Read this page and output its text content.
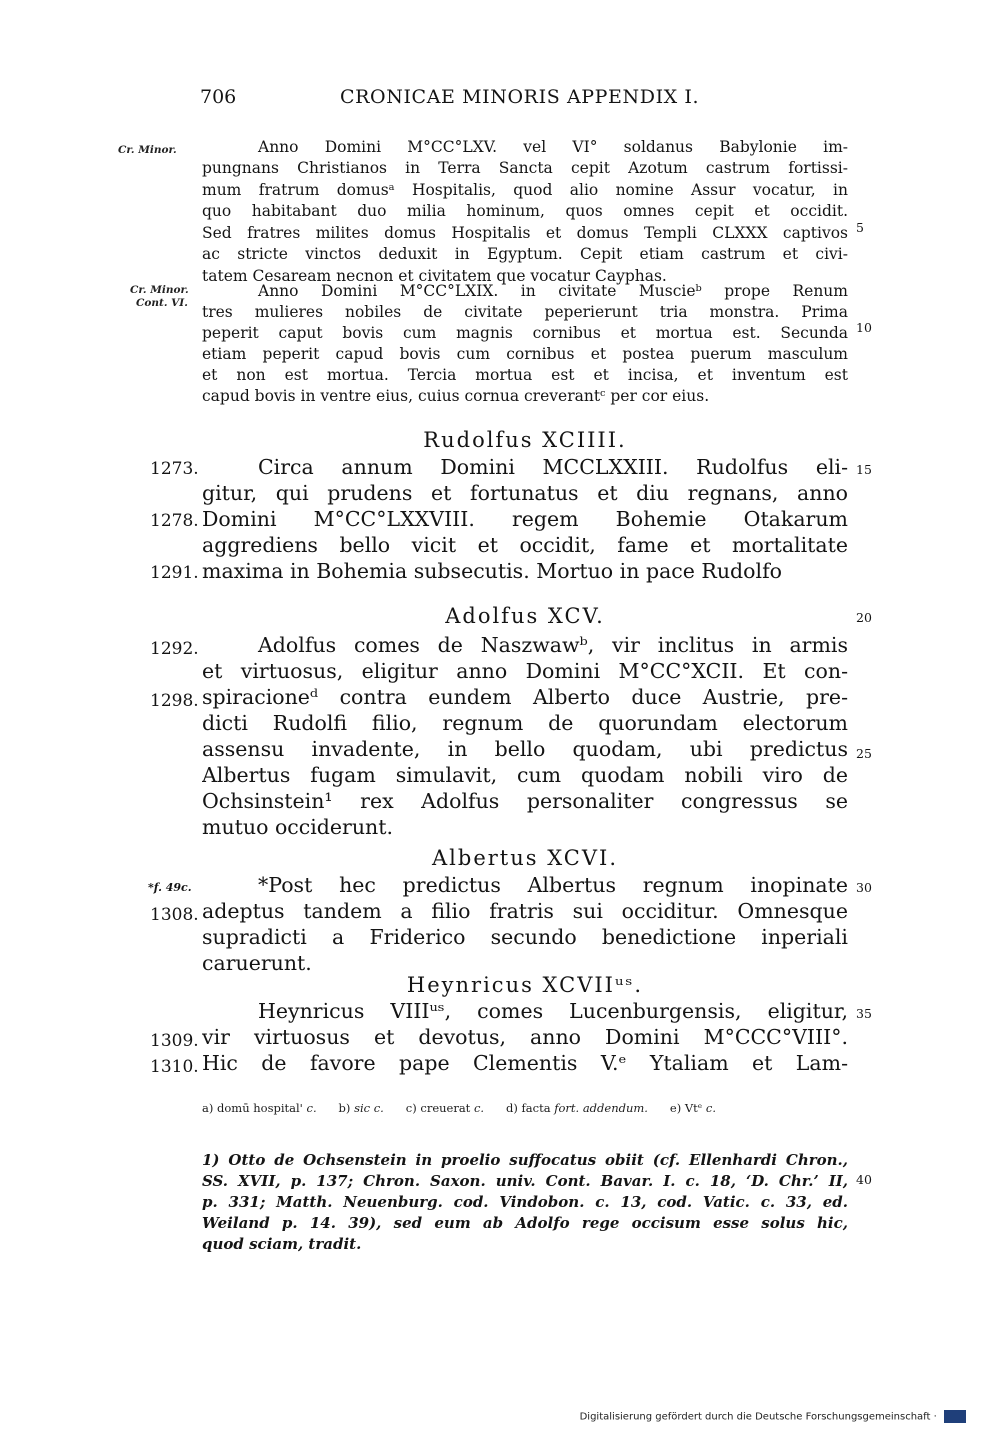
706	CRONICAE MINORIS APPENDIX I.
Cr. Minor.
Cr. Minor.
Cont. VI.
Anno Domini M°CC°LXV. vel VI° soldanus Babylonie im-
pungnans Christianos in Terra Sancta cepit Azotum castrum fortissi-
mum fratrum domusᵃ Hospitalis, quod alio nomine Assur vocatur, in
quo habitabant duo milia hominum, quos omnes cepit et occidit.
Sed fratres milites domus Hospitalis et domus Templi CLXXX captivos
ac stricte vinctos deduxit in Egyptum. Cepit etiam castrum et civi-
tatem Cesaream necnon et civitatem que vocatur Cayphas.
5
Anno Domini M°CC°LXIX. in civitate Muscieᵇ prope Renum
tres mulieres nobiles de civitate peperierunt tria monstra. Prima
peperit caput bovis cum magnis cornibus et mortua est. Secunda
etiam peperit capud bovis cum cornibus et postea puerum masculum
et non est mortua. Tercia mortua est et incisa, et inventum est
capud bovis in ventre eius, cuius cornua creverantᶜ per cor eius.
10
Rudolfus XCIIII.
Circa annum Domini MCCLXXIII. Rudolfus eli-
gitur, qui prudens et fortunatus et diu regnans, anno
Domini M°CC°LXXVIII. regem Bohemie Otakarum
aggrediens bello vicit et occidit, fame et mortalitate
maxima in Bohemia subsecutis. Mortuo in pace Rudolfo
1273.
1278.
1291.
15
Adolfus XCV.	20
Adolfus comes de Naszwawᵇ, vir inclitus in armis
et virtuosus, eligitur anno Domini M°CC°XCII. Et con-
spiracioneᵈ contra eundem Alberto duce Austrie, pre-
dicti Rudolfi filio, regnum de quorundam electorum
assensu invadente, in bello quodam, ubi predictus
Albertus fugam simulavit, cum quodam nobili viro de
Ochsinstein¹ rex Adolfus personaliter congressus se
mutuo occiderunt.
1292.
1298.
25
Albertus XCVI.
*Post hec predictus Albertus regnum inopinate
adeptus tandem a filio fratris sui occiditur. Omnesque
supradicti a Friderico secundo benedictione inperiali
caruerunt.
*f. 49c.
1308.
30
Heynricus XCVIIᵘˢ.
Heynricus VIIIᵘˢ, comes Lucenburgensis, eligitur,
vir virtuosus et devotus, anno Domini M°CCC°VIII°.
Hic de favore pape Clementis V.ᵉ Ytaliam et Lam-
1309.
1310.
35
a) domū hospital' c. b) sic c. c) creuerat c. d) facta fort. addendum. e) Vtᵉ c.
1) Otto de Ochsenstein in proelio suffocatus obiit (cf. Ellenhardi Chron.,
SS. XVII, p. 137; Chron. Saxon. univ. Cont. Bavar. I. c. 18, ‘D. Chr.’ II,
p. 331; Matth. Neuenburg. cod. Vindobon. c. 13, cod. Vatic. c. 33, ed.
Weiland p. 14. 39), sed eum ab Adolfo rege occisum esse solus hic,
quod sciam, tradit.
40
Digitalisierung gefördert durch die Deutsche Forschungsgemeinschaft ·
